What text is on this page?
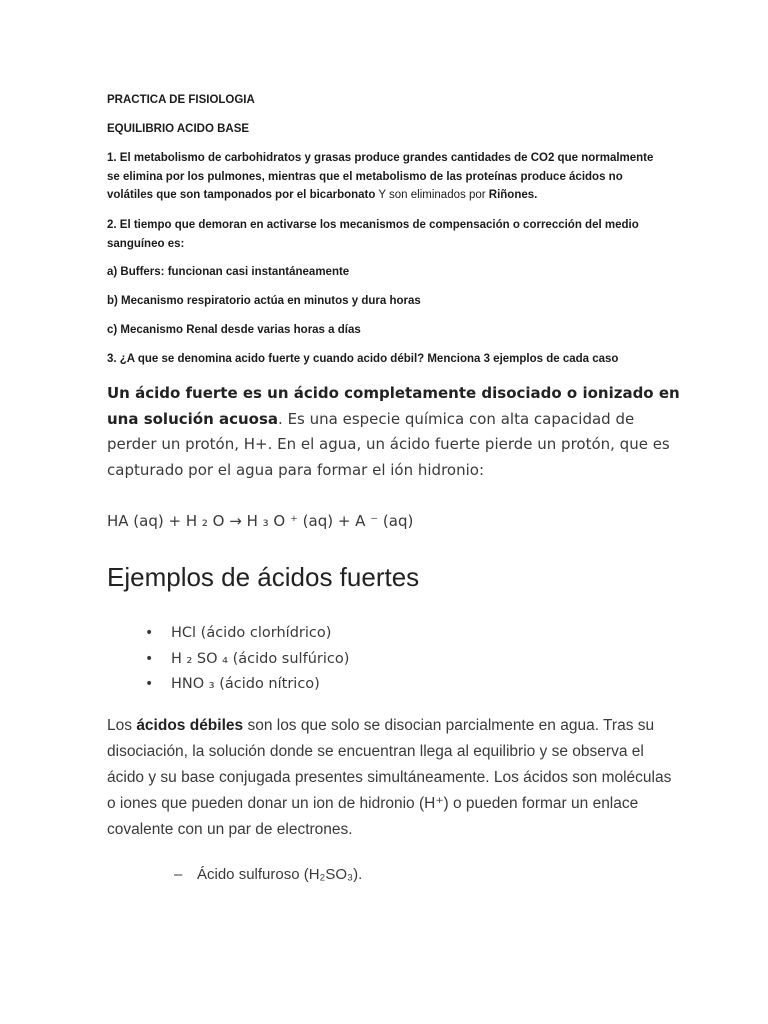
PRACTICA DE FISIOLOGIA
EQUILIBRIO ACIDO BASE
1. El metabolismo de carbohidratos y grasas produce grandes cantidades de CO2 que normalmente se elimina por los pulmones, mientras que el metabolismo de las proteínas produce ácidos no volátiles que son tamponados por el bicarbonato Y son eliminados por Riñones.
2. El tiempo que demoran en activarse los mecanismos de compensación o corrección del medio sanguíneo es:
a) Buffers: funcionan casi instantáneamente
b) Mecanismo respiratorio actúa en minutos y dura horas
c) Mecanismo Renal desde varias horas a días
3. ¿A que se denomina acido fuerte y cuando acido débil? Menciona 3 ejemplos de cada caso
Un ácido fuerte es un ácido completamente disociado o ionizado en una solución acuosa. Es una especie química con alta capacidad de perder un protón, H+. En el agua, un ácido fuerte pierde un protón, que es capturado por el agua para formar el ión hidronio:
HA (aq) + H ₂ O → H ₃ O ⁺ (aq) + A ⁻ (aq)
Ejemplos de ácidos fuertes
• HCl (ácido clorhídrico)
• H ₂ SO ₄ (ácido sulfúrico)
• HNO ₃ (ácido nítrico)
Los ácidos débiles son los que solo se disocian parcialmente en agua. Tras su disociación, la solución donde se encuentran llega al equilibrio y se observa el ácido y su base conjugada presentes simultáneamente. Los ácidos son moléculas o iones que pueden donar un ion de hidronio (H⁺) o pueden formar un enlace covalente con un par de electrones.
– Ácido sulfuroso (H₂SO₃).
